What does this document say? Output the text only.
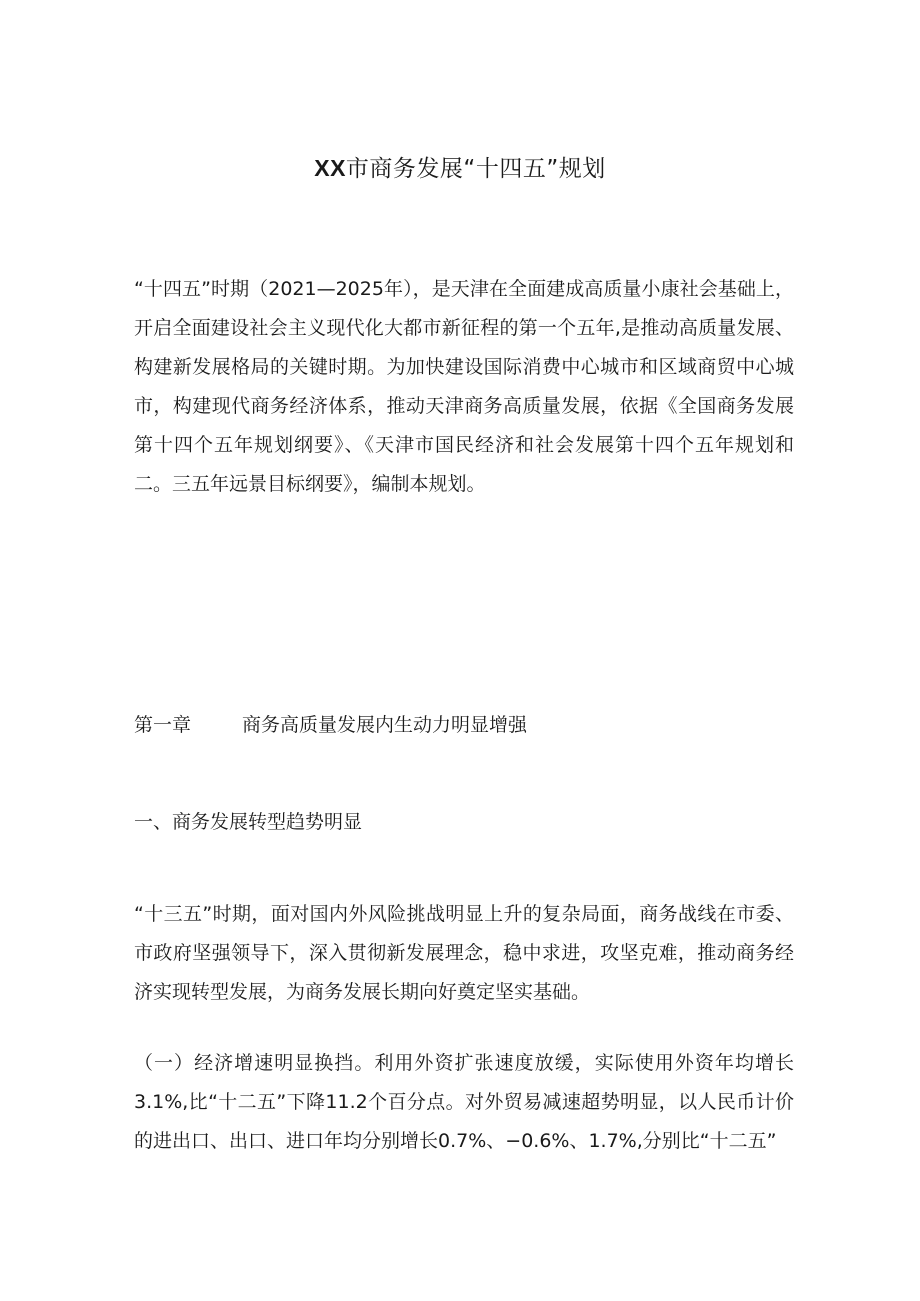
XX市商务发展“十四五”规划

“十四五”时期（2021—2025年），是天津在全面建成高质量小康社会基础上，开启全面建设社会主义现代化大都市新征程的第一个五年,是推动高质量发展、构建新发展格局的关键时期。为加快建设国际消费中心城市和区域商贸中心城市，构建现代商务经济体系，推动天津商务高质量发展，依据《全国商务发展第十四个五年规划纲要》、《天津市国民经济和社会发展第十四个五年规划和二。三五年远景目标纲要》，编制本规划。

第一章	商务高质量发展内生动力明显增强
一、商务发展转型趋势明显

“十三五”时期，面对国内外风险挑战明显上升的复杂局面，商务战线在市委、市政府坚强领导下，深入贯彻新发展理念，稳中求进，攻坚克难，推动商务经济实现转型发展，为商务发展长期向好奠定坚实基础。

（一）经济增速明显换挡。利用外资扩张速度放缓，实际使用外资年均增长3.1%,比“十二五”下降11.2个百分点。对外贸易减速超势明显，以人民币计价的进出口、出口、进口年均分别增长0.7%、−0.6%、1.7%,分别比“十二五”
